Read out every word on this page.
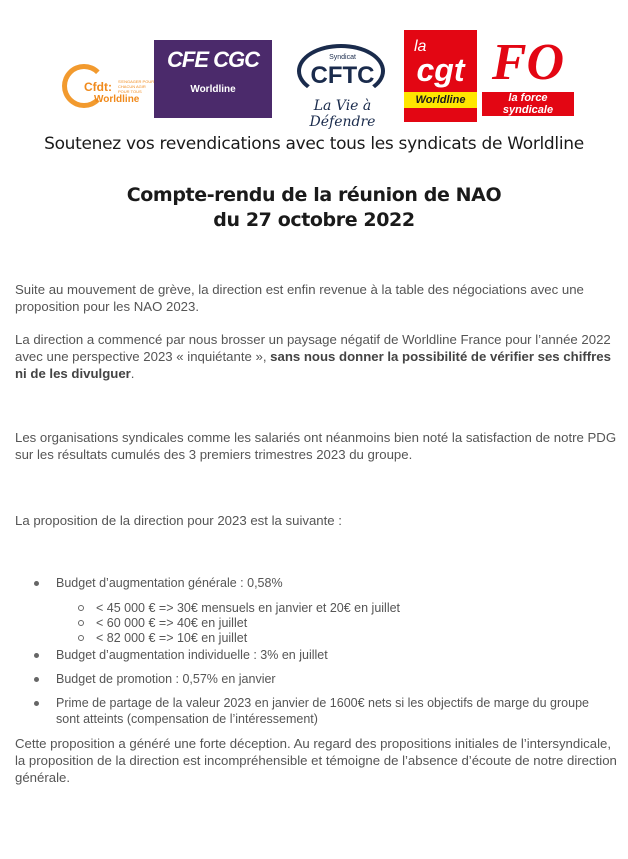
Cfdt: S'ENGAGER POUR CHACUN AGIR POUR TOUS
Worldline
CFE CGC
Worldline
Syndicat
CFTC
La Vie à Défendre
la
cgt
Worldline
FO
la force syndicale
Soutenez vos revendications avec tous les syndicats de Worldline
Compte-rendu de la réunion de NAO
du 27 octobre 2022

Suite au mouvement de grève, la direction est enfin revenue à la table des négociations avec une proposition pour les NAO 2023.

La direction a commencé par nous brosser un paysage négatif de Worldline France pour l’année 2022 avec une perspective 2023 « inquiétante », sans nous donner la possibilité de vérifier ses chiffres ni de les divulguer.

Les organisations syndicales comme les salariés ont néanmoins bien noté la satisfaction de notre PDG sur les résultats cumulés des 3 premiers trimestres 2023 du groupe.

La proposition de la direction pour 2023 est la suivante :

Budget d’augmentation générale : 0,58%
< 45 000 € => 30€ mensuels en janvier et 20€ en juillet
< 60 000 € => 40€ en juillet
< 82 000 € => 10€ en juillet
Budget d’augmentation individuelle : 3% en juillet
Budget de promotion : 0,57% en janvier
Prime de partage de la valeur 2023 en janvier de 1600€ nets si les objectifs de marge du groupe sont atteints (compensation de l’intéressement)

Cette proposition a généré une forte déception. Au regard des propositions initiales de l’intersyndicale, la proposition de la direction est incompréhensible et témoigne de l’absence d’écoute de notre direction générale.
